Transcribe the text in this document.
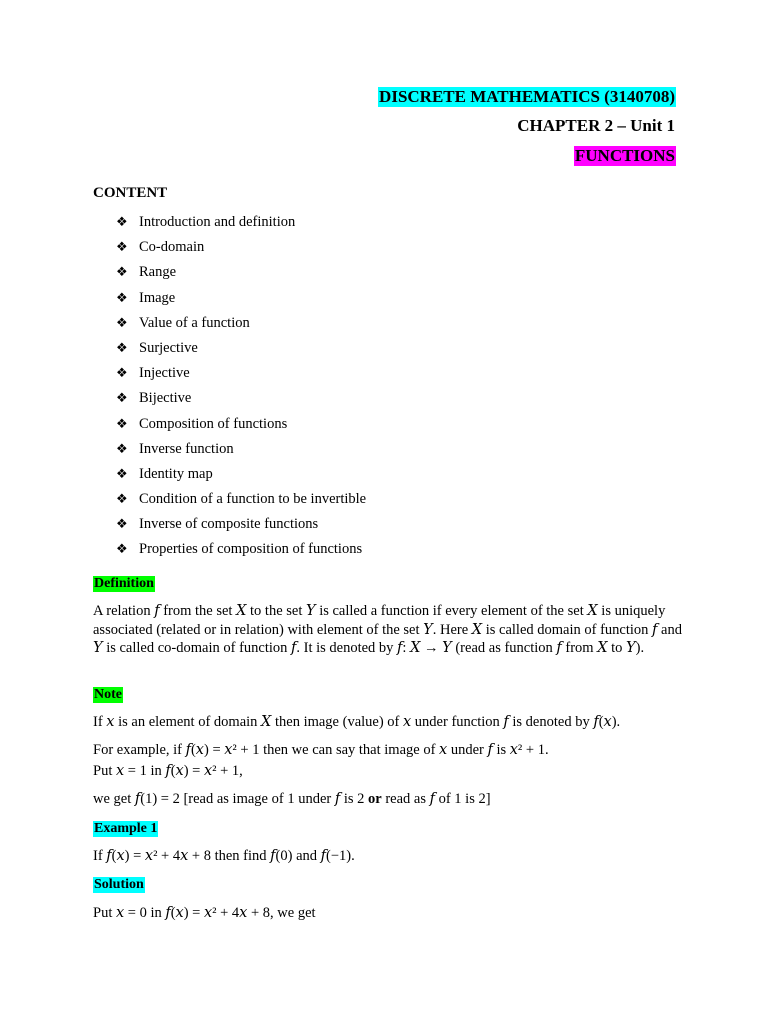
DISCRETE MATHEMATICS (3140708)
CHAPTER 2 – Unit 1
FUNCTIONS
CONTENT
❖ Introduction and definition
❖ Co-domain
❖ Range
❖ Image
❖ Value of a function
❖ Surjective
❖ Injective
❖ Bijective
❖ Composition of functions
❖ Inverse function
❖ Identity map
❖ Condition of a function to be invertible
❖ Inverse of composite functions
❖ Properties of composition of functions
Definition
A relation 𝑓 from the set 𝑋 to the set 𝑌 is called a function if every element of the set 𝑋 is uniquely associated (related or in relation) with element of the set 𝑌. Here 𝑋 is called domain of function 𝑓 and 𝑌 is called co-domain of function 𝑓. It is denoted by 𝑓: 𝑋 → 𝑌 (read as function 𝑓 from 𝑋 to 𝑌).
Note
If 𝑥 is an element of domain 𝑋 then image (value) of 𝑥 under function 𝑓 is denoted by 𝑓(𝑥).
For example, if 𝑓(𝑥) = 𝑥² + 1 then we can say that image of 𝑥 under 𝑓 is 𝑥² + 1.
Put 𝑥 = 1 in 𝑓(𝑥) = 𝑥² + 1,
we get 𝑓(1) = 2 [read as image of 1 under 𝑓 is 2 or read as 𝑓 of 1 is 2]
Example 1
If 𝑓(𝑥) = 𝑥² + 4𝑥 + 8 then find 𝑓(0) and 𝑓(−1).
Solution
Put 𝑥 = 0 in 𝑓(𝑥) = 𝑥² + 4𝑥 + 8, we get
